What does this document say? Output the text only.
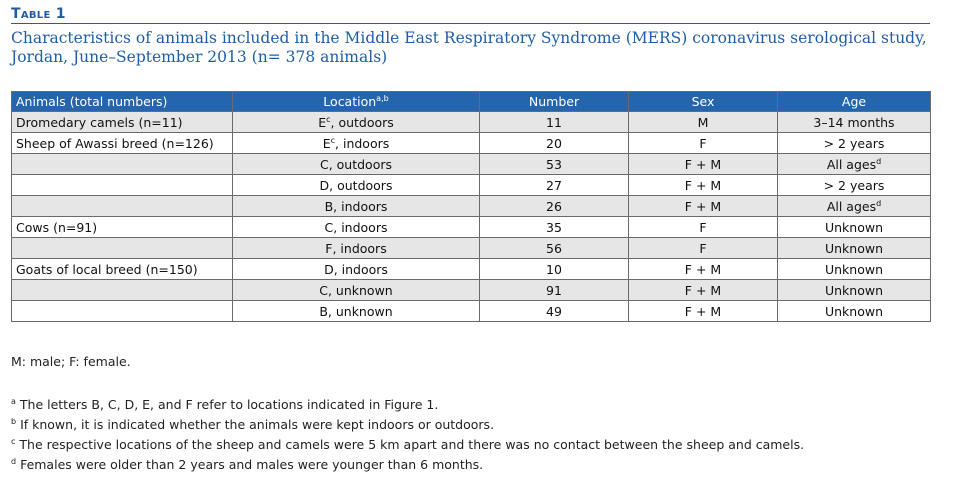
Table 1
Characteristics of animals included in the Middle East Respiratory Syndrome (MERS) coronavirus serological study, Jordan, June–September 2013 (n= 378 animals)
Animals (total numbers)	Location$^{a,b}$	Number	Sex	Age
Dromedary camels (n=11)	$E^c$, outdoors	11	M	3–14 months
Sheep of Awassi breed (n=126)	$E^c$, indoors	20	F	> 2 years
	C, outdoors	53	F + M	All ages$^d$
	D, outdoors	27	F + M	> 2 years
	B, indoors	26	F + M	All ages$^d$
Cows (n=91)	C, indoors	35	F	Unknown
	F, indoors	56	F	Unknown
Goats of local breed (n=150)	D, indoors	10	F + M	Unknown
	C, unknown	91	F + M	Unknown
	B, unknown	49	F + M	Unknown
M: male; F: female.
$^a$ The letters B, C, D, E, and F refer to locations indicated in Figure 1.
$^b$ If known, it is indicated whether the animals were kept indoors or outdoors.
$^c$ The respective locations of the sheep and camels were 5 km apart and there was no contact between the sheep and camels.
$^d$ Females were older than 2 years and males were younger than 6 months.
